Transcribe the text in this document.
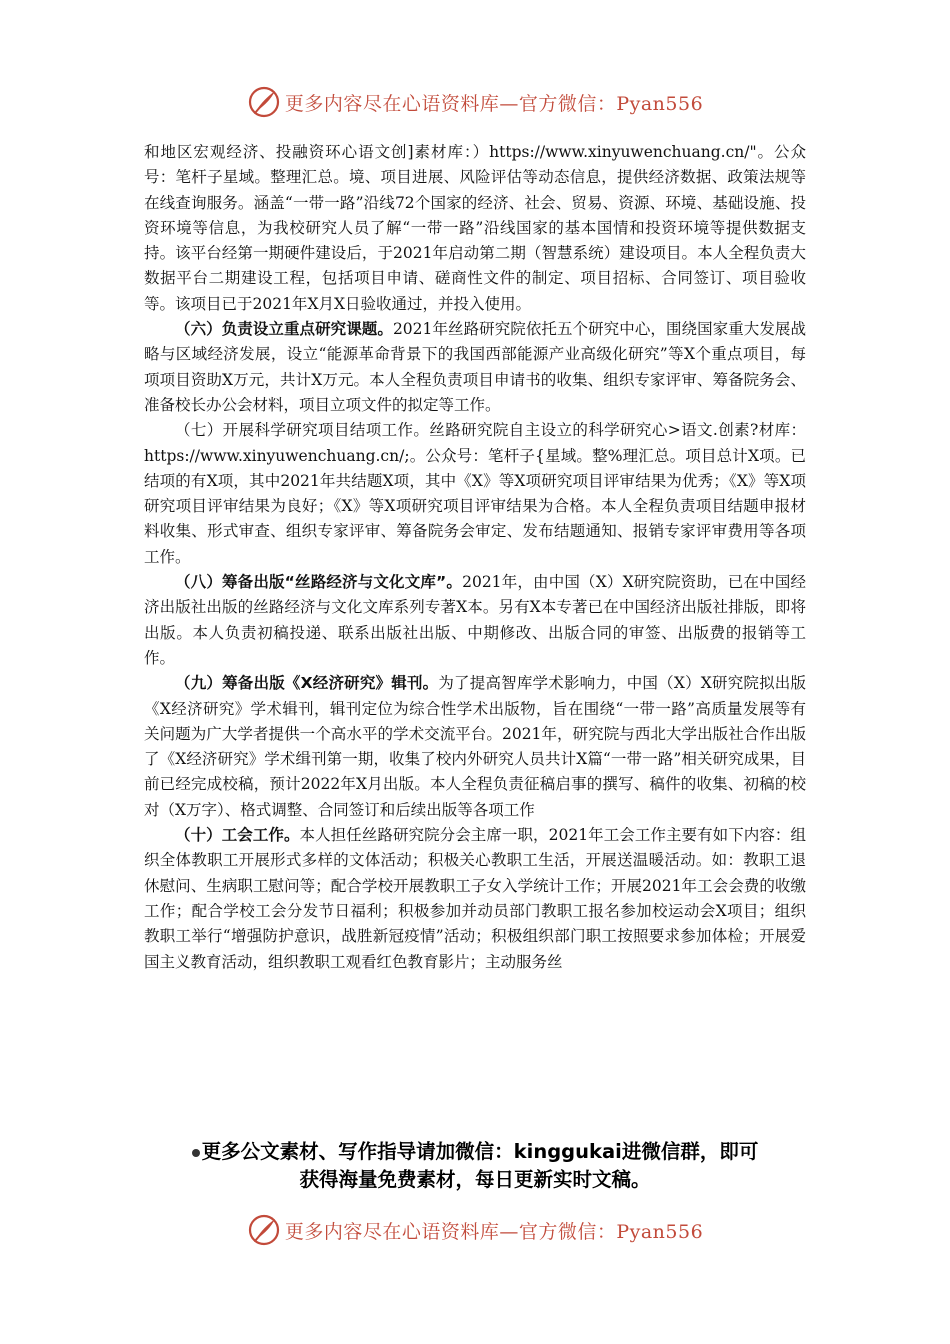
更多内容尽在心语资料库—官方微信：Pyan556

和地区宏观经济、投融资环心语文创]素材库：）https://www.xinyuwenchuang.cn/"。公众号：笔杆子星域。整理汇总。境、项目进展、风险评估等动态信息，提供经济数据、政策法规等在线查询服务。涵盖“一带一路”沿线72个国家的经济、社会、贸易、资源、环境、基础设施、投资环境等信息，为我校研究人员了解“一带一路”沿线国家的基本国情和投资环境等提供数据支持。该平台经第一期硬件建设后，于2021年启动第二期（智慧系统）建设项目。本人全程负责大数据平台二期建设工程，包括项目申请、磋商性文件的制定、项目招标、合同签订、项目验收等。该项目已于2021年X月X日验收通过，并投入使用。

（六）负责设立重点研究课题。2021年丝路研究院依托五个研究中心，围绕国家重大发展战略与区域经济发展，设立“能源革命背景下的我国西部能源产业高级化研究”等X个重点项目，每项项目资助X万元，共计X万元。本人全程负责项目申请书的收集、组织专家评审、筹备院务会、准备校长办公会材料，项目立项文件的拟定等工作。

（七）开展科学研究项目结项工作。丝路研究院自主设立的科学研究心>语文.创素?材库：https://www.xinyuwenchuang.cn/;。公众号：笔杆子{星域。整%理汇总。项目总计X项。已结项的有X项，其中2021年共结题X项，其中《X》等X项研究项目评审结果为优秀；《X》等X项研究项目评审结果为良好；《X》等X项研究项目评审结果为合格。本人全程负责项目结题申报材料收集、形式审查、组织专家评审、筹备院务会审定、发布结题通知、报销专家评审费用等各项工作。

（八）筹备出版“丝路经济与文化文库”。2021年，由中国（X）X研究院资助，已在中国经济出版社出版的丝路经济与文化文库系列专著X本。另有X本专著已在中国经济出版社排版，即将出版。本人负责初稿投递、联系出版社出版、中期修改、出版合同的审签、出版费的报销等工作。

（九）筹备出版《X经济研究》辑刊。为了提高智库学术影响力，中国（X）X研究院拟出版《X经济研究》学术辑刊，辑刊定位为综合性学术出版物，旨在围绕“一带一路”高质量发展等有关问题为广大学者提供一个高水平的学术交流平台。2021年，研究院与西北大学出版社合作出版了《X经济研究》学术缉刊第一期，收集了校内外研究人员共计X篇“一带一路”相关研究成果，目前已经完成校稿，预计2022年X月出版。本人全程负责征稿启事的撰写、稿件的收集、初稿的校对（X万字）、格式调整、合同签订和后续出版等各项工作

（十）工会工作。本人担任丝路研究院分会主席一职，2021年工会工作主要有如下内容：组织全体教职工开展形式多样的文体活动；积极关心教职工生活，开展送温暖活动。如：教职工退休慰问、生病职工慰问等；配合学校开展教职工子女入学统计工作；开展2021年工会会费的收缴工作；配合学校工会分发节日福利；积极参加并动员部门教职工报名参加校运动会X项目；组织教职工举行“增强防护意识，战胜新冠疫情”活动；积极组织部门职工按照要求参加体检；开展爱国主义教育活动，组织教职工观看红色教育影片；主动服务丝

更多公文素材、写作指导请加微信：kinggukai进微信群，即可
获得海量免费素材，每日更新实时文稿。
更多内容尽在心语资料库—官方微信：Pyan556
